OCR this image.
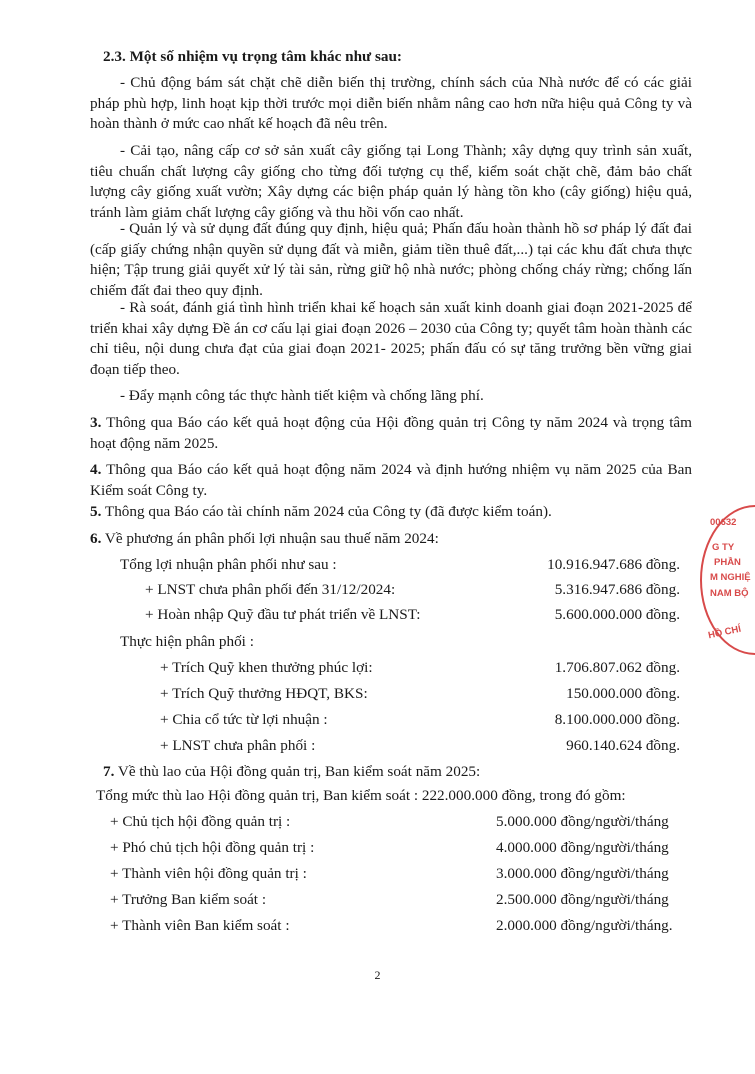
2.3. Một số nhiệm vụ trọng tâm khác như sau:
- Chủ động bám sát chặt chẽ diễn biến thị trường, chính sách của Nhà nước để có các giải pháp phù hợp, linh hoạt kịp thời trước mọi diễn biến nhằm nâng cao hơn nữa hiệu quả Công ty và hoàn thành ở mức cao nhất kế hoạch đã nêu trên.
- Cải tạo, nâng cấp cơ sở sản xuất cây giống tại Long Thành; xây dựng quy trình sản xuất, tiêu chuẩn chất lượng cây giống cho từng đối tượng cụ thể, kiểm soát chặt chẽ, đảm bảo chất lượng cây giống xuất vườn; Xây dựng các biện pháp quản lý hàng tồn kho (cây giống) hiệu quả, tránh làm giảm chất lượng cây giống và thu hồi vốn cao nhất.
- Quản lý và sử dụng đất đúng quy định, hiệu quả; Phấn đấu hoàn thành hồ sơ pháp lý đất đai (cấp giấy chứng nhận quyền sử dụng đất và miễn, giảm tiền thuê đất,...) tại các khu đất chưa thực hiện; Tập trung giải quyết xử lý tài sản, rừng giữ hộ nhà nước; phòng chống cháy rừng; chống lấn chiếm đất đai theo quy định.
- Rà soát, đánh giá tình hình triển khai kế hoạch sản xuất kinh doanh giai đoạn 2021-2025 để triển khai xây dựng Đề án cơ cấu lại giai đoạn 2026 – 2030 của Công ty; quyết tâm hoàn thành các chỉ tiêu, nội dung chưa đạt của giai đoạn 2021- 2025; phấn đấu có sự tăng trưởng bền vững giai đoạn tiếp theo.
- Đẩy mạnh công tác thực hành tiết kiệm và chống lãng phí.
3. Thông qua Báo cáo kết quả hoạt động của Hội đồng quản trị Công ty năm 2024 và trọng tâm hoạt động năm 2025.
4. Thông qua Báo cáo kết quả hoạt động năm 2024 và định hướng nhiệm vụ năm 2025 của Ban Kiểm soát Công ty.
5. Thông qua Báo cáo tài chính năm 2024 của Công ty (đã được kiểm toán).
6. Về phương án phân phối lợi nhuận sau thuế năm 2024:
Tổng lợi nhuận phân phối như sau :	10.916.947.686 đồng.
+ LNST chưa phân phối đến 31/12/2024:	5.316.947.686 đồng.
+ Hoàn nhập Quỹ đầu tư phát triển về LNST:	5.600.000.000 đồng.
Thực hiện phân phối :
+ Trích Quỹ khen thưởng phúc lợi:	1.706.807.062 đồng.
+ Trích Quỹ thưởng HĐQT, BKS:	150.000.000 đồng.
+ Chia cổ tức từ lợi nhuận :	8.100.000.000 đồng.
+ LNST chưa phân phối :	960.140.624 đồng.
7. Về thù lao của Hội đồng quản trị, Ban kiểm soát năm 2025:
Tổng mức thù lao Hội đồng quản trị, Ban kiểm soát : 222.000.000 đồng, trong đó gồm:
+ Chủ tịch hội đồng quản trị :	5.000.000 đồng/người/tháng
+ Phó chủ tịch hội đồng quản trị :	4.000.000 đồng/người/tháng
+ Thành viên hội đồng quản trị :	3.000.000 đồng/người/tháng
+ Trưởng Ban kiểm soát :	2.500.000 đồng/người/tháng
+ Thành viên Ban kiểm soát :	2.000.000 đồng/người/tháng.
2
00632
G TY
PHẦN
M NGHIỆ
NAM BỘ
HỒ CHÍ
